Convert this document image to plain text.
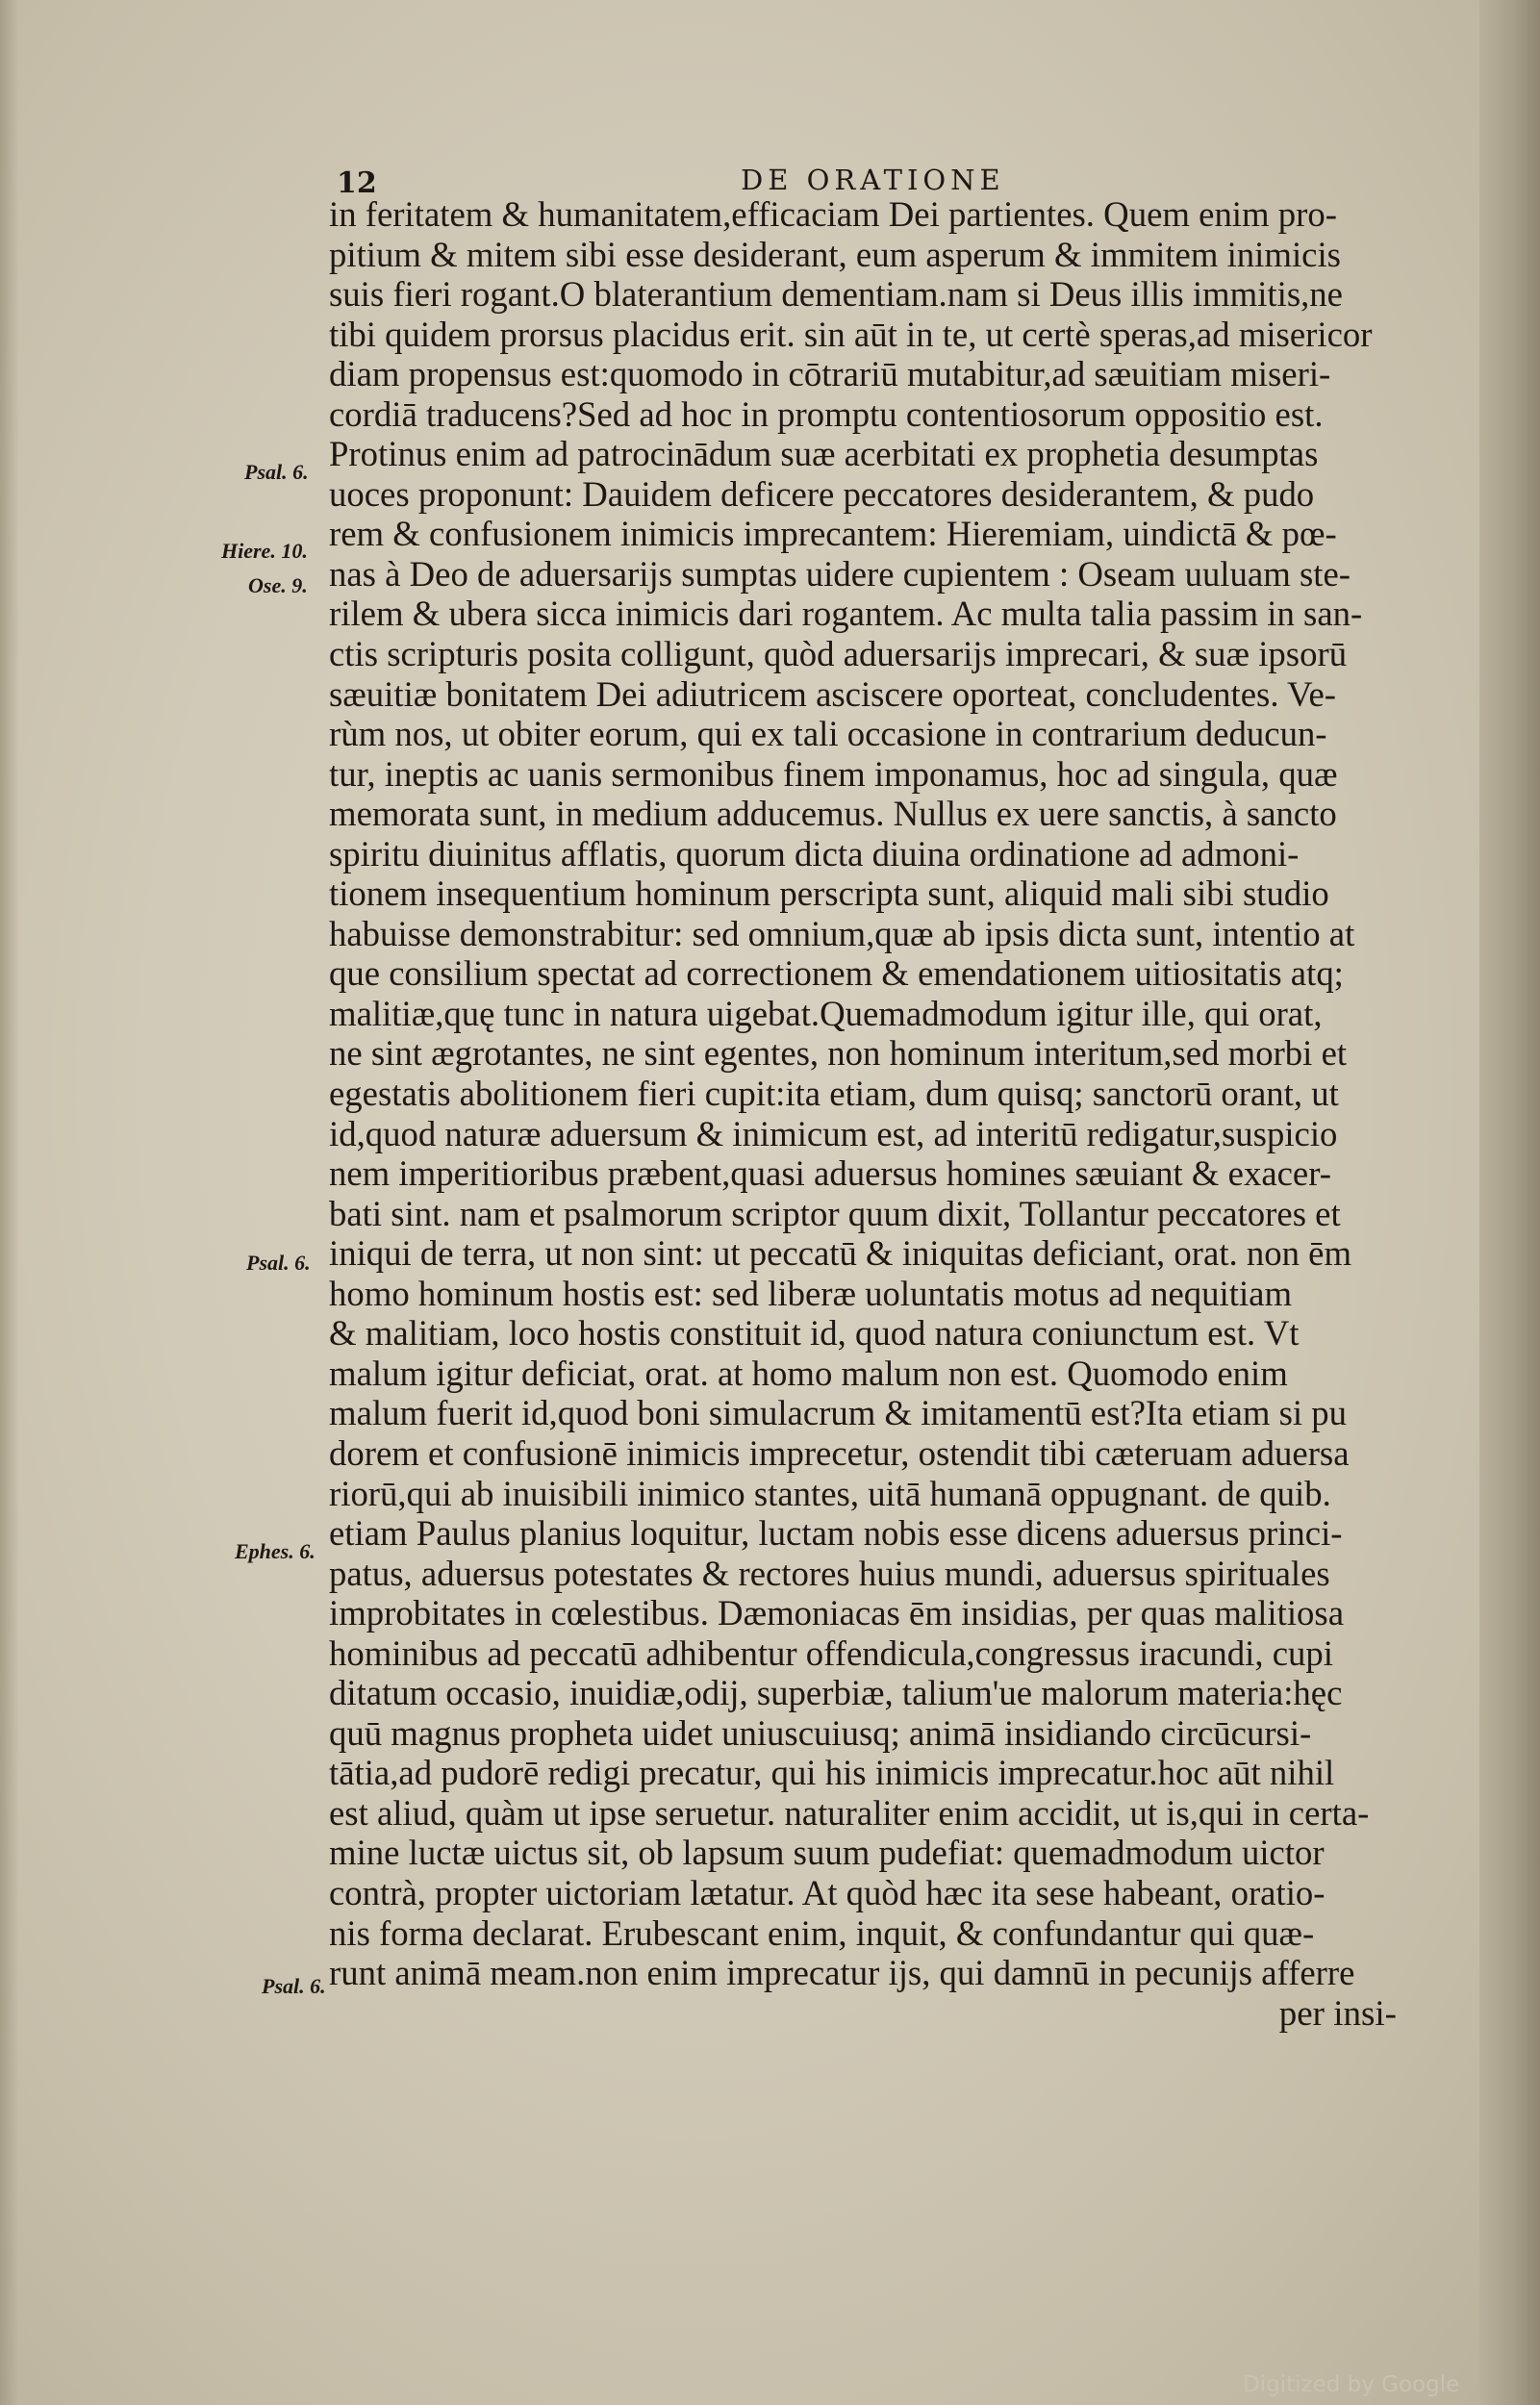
12	DE ORATIONE
Psal. 6.
Hiere. 10.
Ose. 9.
Psal. 6.
Ephes. 6.
Psal. 6.
in feritatem & humanitatem,efficaciam Dei partientes. Quem enim pro-
pitium & mitem sibi esse desiderant, eum asperum & immitem inimicis
suis fieri rogant.O blaterantium dementiam.nam si Deus illis immitis,ne
tibi quidem prorsus placidus erit. sin aūt in te, ut certè speras,ad misericor
diam propensus est:quomodo in cōtrariū mutabitur,ad sæuitiam miseri-
cordiā traducens?Sed ad hoc in promptu contentiosorum oppositio est.
Protinus enim ad patrocinādum suæ acerbitati ex prophetia desumptas
uoces proponunt: Dauidem deficere peccatores desiderantem, & pudo
rem & confusionem inimicis imprecantem: Hieremiam, uindictā & pœ-
nas à Deo de aduersarijs sumptas uidere cupientem : Oseam uuluam ste-
rilem & ubera sicca inimicis dari rogantem. Ac multa talia passim in san-
ctis scripturis posita colligunt, quòd aduersarijs imprecari, & suæ ipsorū
sæuitiæ bonitatem Dei adiutricem asciscere oporteat, concludentes. Ve-
rùm nos, ut obiter eorum, qui ex tali occasione in contrarium deducun-
tur, ineptis ac uanis sermonibus finem imponamus, hoc ad singula, quæ
memorata sunt, in medium adducemus. Nullus ex uere sanctis, à sancto
spiritu diuinitus afflatis, quorum dicta diuina ordinatione ad admoni-
tionem insequentium hominum perscripta sunt, aliquid mali sibi studio
habuisse demonstrabitur: sed omnium,quæ ab ipsis dicta sunt, intentio at
que consilium spectat ad correctionem & emendationem uitiositatis atq;
malitiæ,quę tunc in natura uigebat.Quemadmodum igitur ille, qui orat,
ne sint ægrotantes, ne sint egentes, non hominum interitum,sed morbi et
egestatis abolitionem fieri cupit:ita etiam, dum quisq; sanctorū orant, ut
id,quod naturæ aduersum & inimicum est, ad interitū redigatur,suspicio
nem imperitioribus præbent,quasi aduersus homines sæuiant & exacer-
bati sint. nam et psalmorum scriptor quum dixit, Tollantur peccatores et
iniqui de terra, ut non sint: ut peccatū & iniquitas deficiant, orat. non ēm
homo hominum hostis est: sed liberæ uoluntatis motus ad nequitiam
& malitiam, loco hostis constituit id, quod natura coniunctum est. Vt
malum igitur deficiat, orat. at homo malum non est. Quomodo enim
malum fuerit id,quod boni simulacrum & imitamentū est?Ita etiam si pu
dorem et confusionē inimicis imprecetur, ostendit tibi cæteruam aduersa
riorū,qui ab inuisibili inimico stantes, uitā humanā oppugnant. de quib.
etiam Paulus planius loquitur, luctam nobis esse dicens aduersus princi-
patus, aduersus potestates & rectores huius mundi, aduersus spirituales
improbitates in cœlestibus. Dæmoniacas ēm insidias, per quas malitiosa
hominibus ad peccatū adhibentur offendicula,congressus iracundi, cupi
ditatum occasio, inuidiæ,odij, superbiæ, talium'ue malorum materia:hęc
quū magnus propheta uidet uniuscuiusq; animā insidiando circūcursi-
tātia,ad pudorē redigi precatur, qui his inimicis imprecatur.hoc aūt nihil
est aliud, quàm ut ipse seruetur. naturaliter enim accidit, ut is,qui in certa-
mine luctæ uictus sit, ob lapsum suum pudefiat: quemadmodum uictor
contrà, propter uictoriam lætatur. At quòd hæc ita sese habeant, oratio-
nis forma declarat. Erubescant enim, inquit, & confundantur qui quæ-
runt animā meam.non enim imprecatur ijs, qui damnū in pecunijs afferre
per insi-
Digitized by Google
